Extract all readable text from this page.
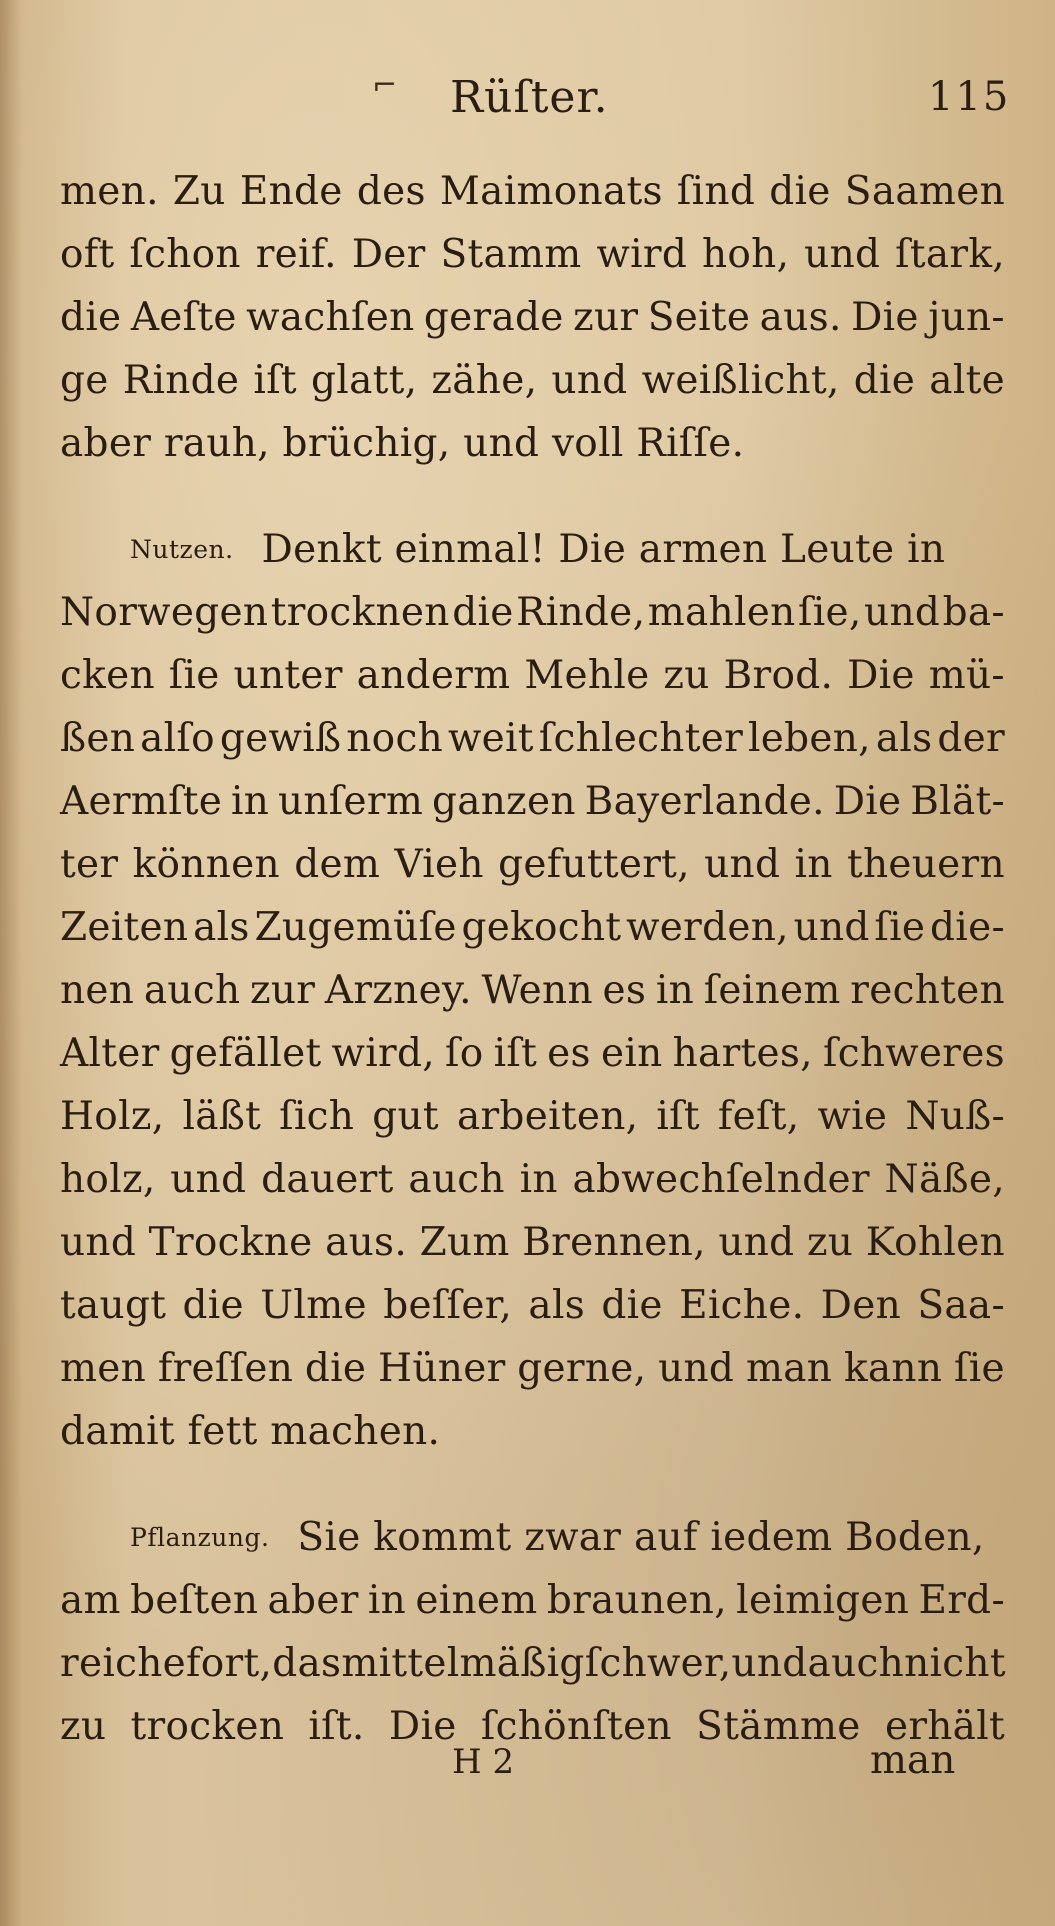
⌐ Rüſter.	115
men. Zu Ende des Maimonats ſind die Saamen
oft ſchon reif. Der Stamm wird hoh, und ſtark,
die Aeſte wachſen gerade zur Seite aus. Die jun‑
ge Rinde iſt glatt, zähe, und weißlicht, die alte
aber rauh, brüchig, und voll Riſſe.
Nutzen. Denkt einmal! Die armen Leute in
Norwegen trocknen die Rinde, mahlen ſie, und ba‑
cken ſie unter anderm Mehle zu Brod. Die mü‑
ßen alſo gewiß noch weit ſchlechter leben, als der
Aermſte in unſerm ganzen Bayerlande. Die Blät‑
ter können dem Vieh gefuttert, und in theuern
Zeiten als Zugemüſe gekocht werden, und ſie die‑
nen auch zur Arzney. Wenn es in ſeinem rechten
Alter gefället wird, ſo iſt es ein hartes, ſchweres
Holz, läßt ſich gut arbeiten, iſt feſt, wie Nuß‑
holz, und dauert auch in abwechſelnder Näße,
und Trockne aus. Zum Brennen, und zu Kohlen
taugt die Ulme beſſer, als die Eiche. Den Saa‑
men freſſen die Hüner gerne, und man kann ſie
damit fett machen.
Pflanzung. Sie kommt zwar auf iedem Boden,
am beſten aber in einem braunen, leimigen Erd‑
reiche fort, das mittelmäßig ſchwer, und auch nicht
zu trocken iſt. Die ſchönſten Stämme erhält
H 2	man
